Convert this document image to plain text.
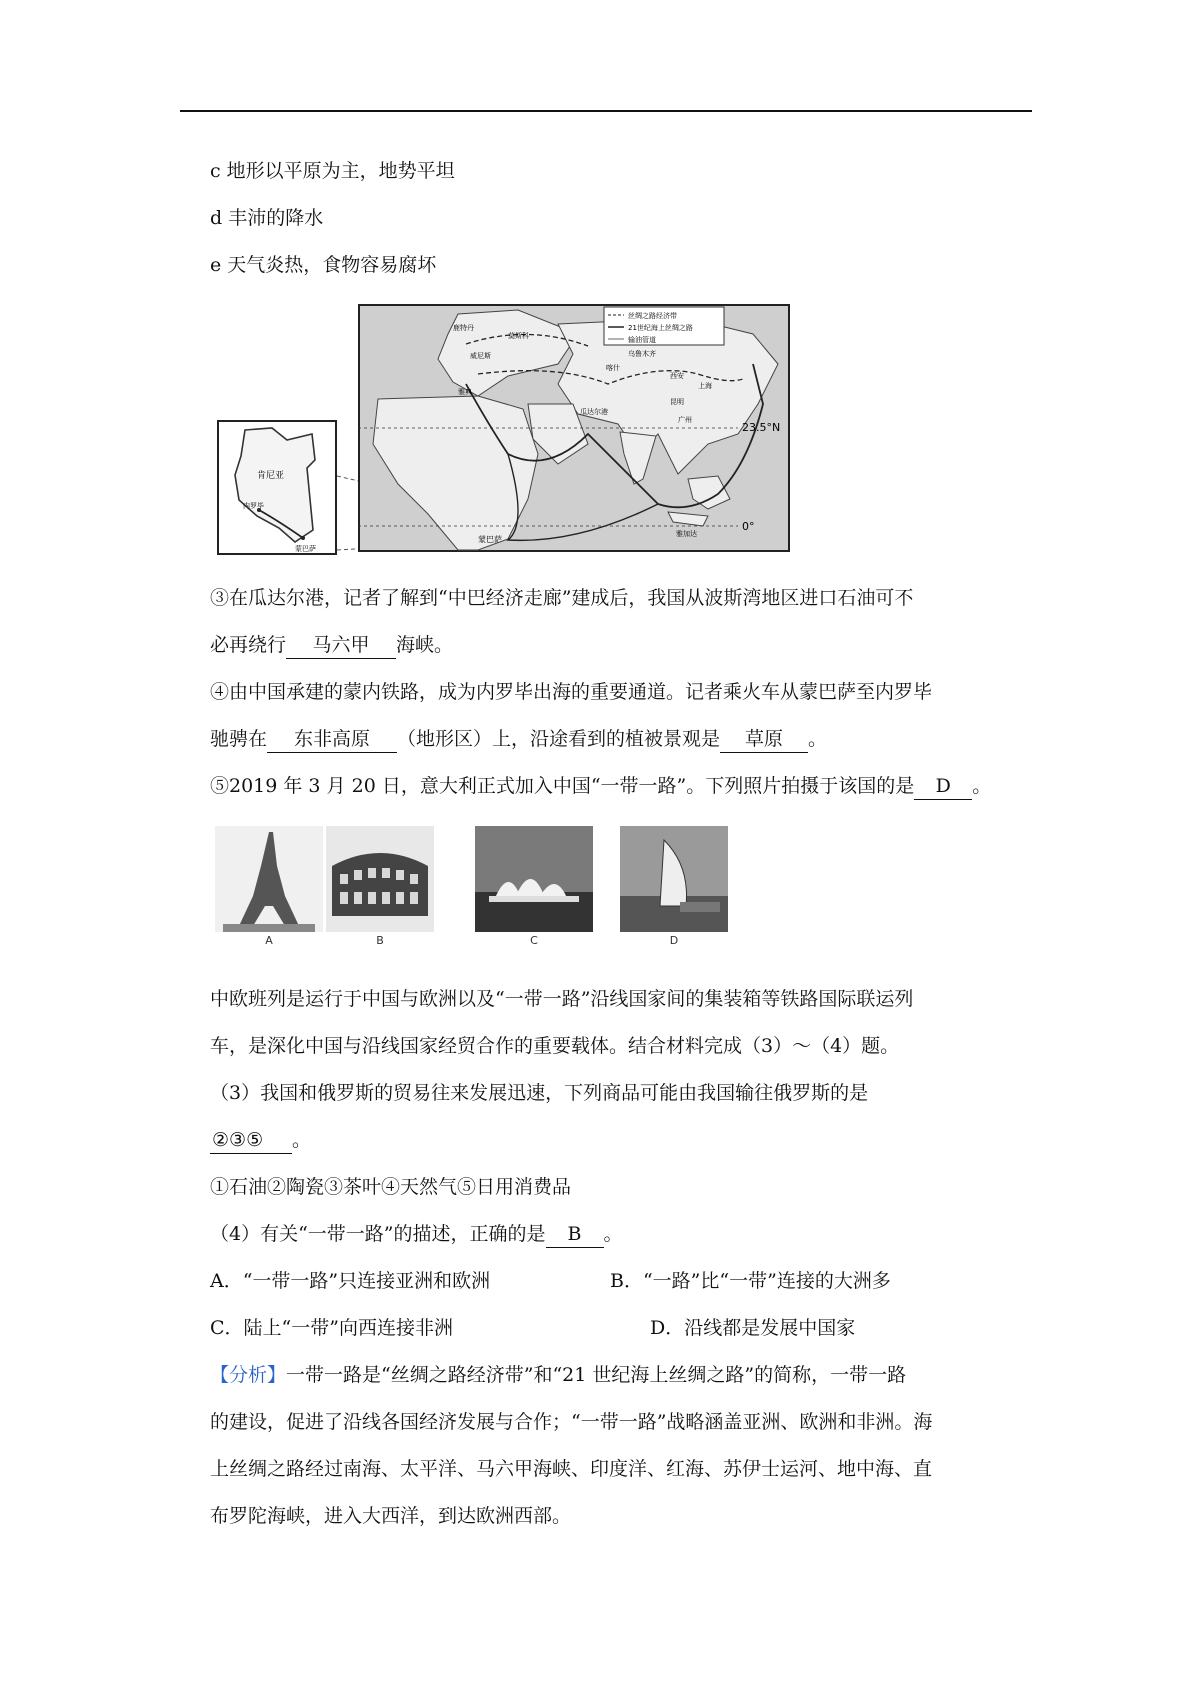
c 地形以平原为主，地势平坦
d 丰沛的降水
e 天气炎热，食物容易腐坏
肯尼亚
内罗毕
蒙巴萨
丝绸之路经济带
21世纪海上丝绸之路
输油管道
莫斯科
鹿特丹
威尼斯
雅典
乌鲁木齐
喀什
西安
上海
昆明
广州
瓜达尔港
雅加达
蒙巴萨
23.5°N
0°
③在瓜达尔港，记者了解到“中巴经济走廊”建成后，我国从波斯湾地区进口石油可不
必再绕行 马六甲 海峡。
④由中国承建的蒙内铁路，成为内罗毕出海的重要通道。记者乘火车从蒙巴萨至内罗毕
驰骋在 东非高原 （地形区）上，沿途看到的植被景观是 草原 。
⑤2019 年 3 月 20 日，意大利正式加入中国“一带一路”。下列照片拍摄于该国的是 D 。
A	B	C	D
中欧班列是运行于中国与欧洲以及“一带一路”沿线国家间的集装箱等铁路国际联运列
车，是深化中国与沿线国家经贸合作的重要载体。结合材料完成（3）～（4）题。
（3）我国和俄罗斯的贸易往来发展迅速，下列商品可能由我国输往俄罗斯的是
②③⑤ 。
①石油②陶瓷③茶叶④天然气⑤日用消费品
（4）有关“一带一路”的描述，正确的是 B 。
A．“一带一路”只连接亚洲和欧洲	B．“一路”比“一带”连接的大洲多
C．陆上“一带”向西连接非洲	D．沿线都是发展中国家
【分析】一带一路是“丝绸之路经济带”和“21 世纪海上丝绸之路”的简称，一带一路
的建设，促进了沿线各国经济发展与合作；“一带一路”战略涵盖亚洲、欧洲和非洲。海
上丝绸之路经过南海、太平洋、马六甲海峡、印度洋、红海、苏伊士运河、地中海、直
布罗陀海峡，进入大西洋，到达欧洲西部。
